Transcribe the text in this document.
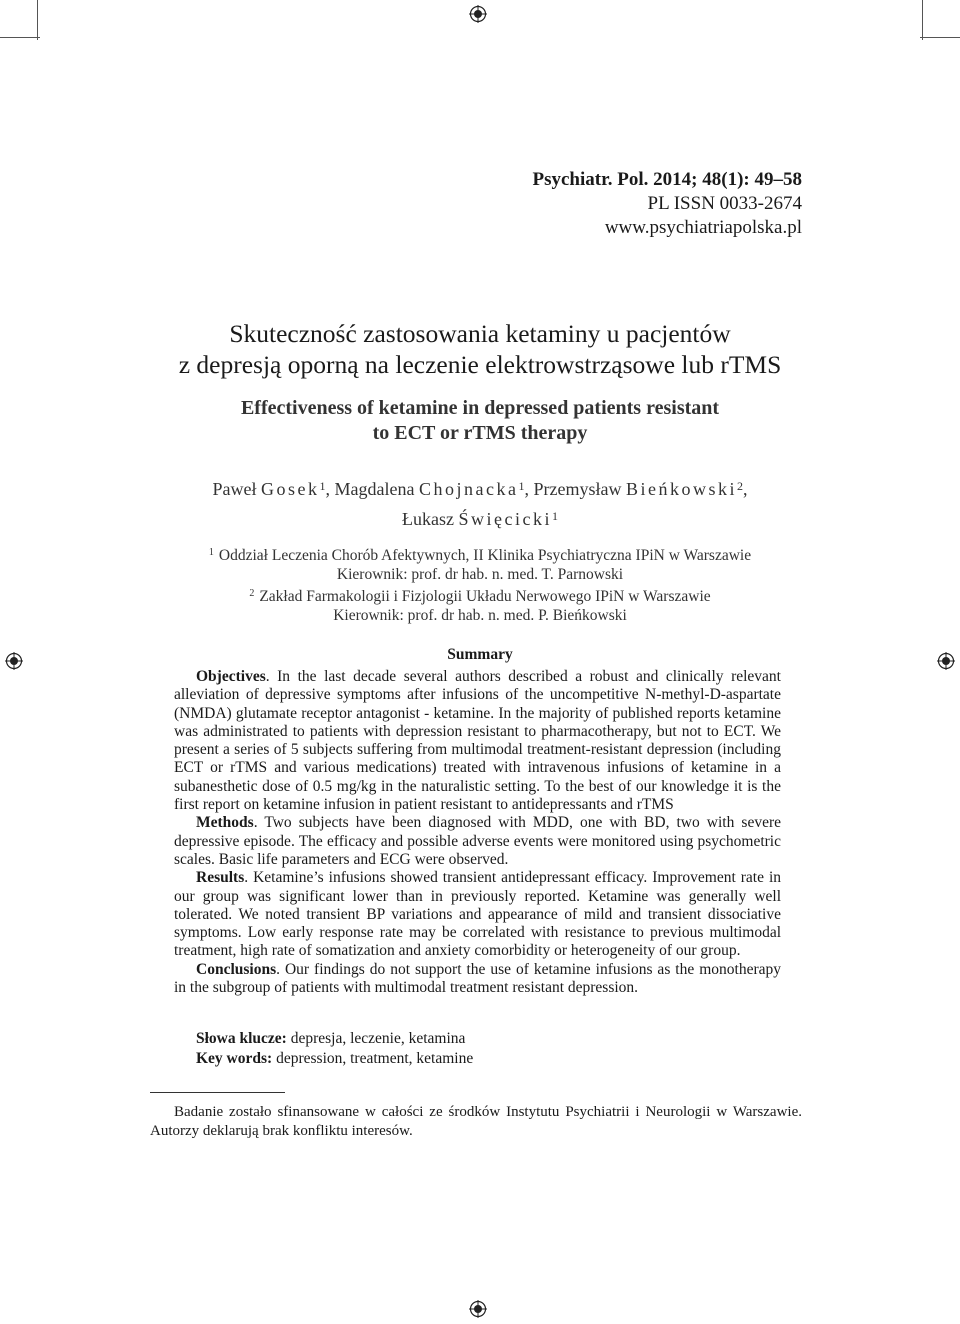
Psychiatr. Pol. 2014; 48(1): 49–58
PL ISSN 0033-2674
www.psychiatriapolska.pl
Skuteczność zastosowania ketaminy u pacjentów
z depresją oporną na leczenie elektrowstrząsowe lub rTMS
Effectiveness of ketamine in depressed patients resistant
to ECT or rTMS therapy
Paweł Gosek$^1$, Magdalena Chojnacka$^1$, Przemysław Bieńkowski$^2$,
Łukasz Święcicki$^1$
$^1$ Oddział Leczenia Chorób Afektywnych, II Klinika Psychiatryczna IPiN w Warszawie
Kierownik: prof. dr hab. n. med. T. Parnowski
$^2$ Zakład Farmakologii i Fizjologii Układu Nerwowego IPiN w Warszawie
Kierownik: prof. dr hab. n. med. P. Bieńkowski
Summary

Objectives. In the last decade several authors described a robust and clinically relevant alleviation of depressive symptoms after infusions of the uncompetitive N-methyl-D-aspartate (NMDA) glutamate receptor antagonist - ketamine. In the majority of published reports ketamine was administrated to patients with depression resistant to pharmacotherapy, but not to ECT. We present a series of 5 subjects suffering from multimodal treatment-resistant depression (including ECT or rTMS and various medications) treated with intravenous infusions of ketamine in a subanesthetic dose of 0.5 mg/kg in the naturalistic setting. To the best of our knowledge it is the first report on ketamine infusion in patient resistant to antidepressants and rTMS

Methods. Two subjects have been diagnosed with MDD, one with BD, two with severe depressive episode. The efficacy and possible adverse events were monitored using psychometric scales. Basic life parameters and ECG were observed.

Results. Ketamine’s infusions showed transient antidepressant efficacy. Improvement rate in our group was significant lower than in previously reported. Ketamine was generally well tolerated. We noted transient BP variations and appearance of mild and transient dissociative symptoms. Low early response rate may be correlated with resistance to previous multimodal treatment, high rate of somatization and anxiety comorbidity or heterogeneity of our group.

Conclusions. Our findings do not support the use of ketamine infusions as the monotherapy in the subgroup of patients with multimodal treatment resistant depression.

Słowa klucze: depresja, leczenie, ketamina
Key words: depression, treatment, ketamine
Badanie zostało sfinansowane w całości ze środków Instytutu Psychiatrii i Neurologii w Warszawie. Autorzy deklarują brak konfliktu interesów.
